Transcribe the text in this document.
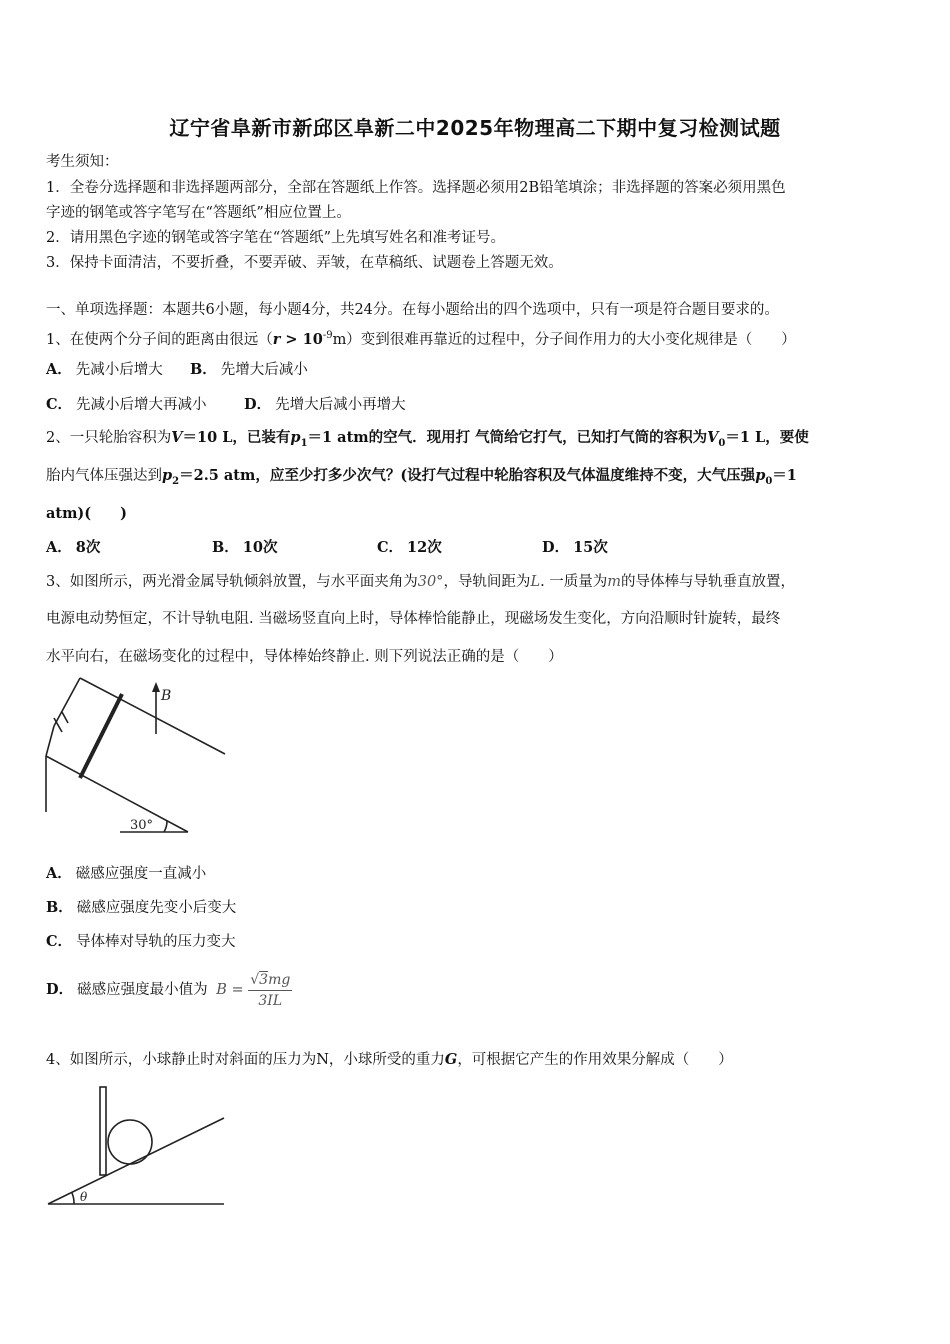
辽宁省阜新市新邱区阜新二中2025年物理高二下期中复习检测试题
考生须知：
1．全卷分选择题和非选择题两部分，全部在答题纸上作答。选择题必须用2B铅笔填涂；非选择题的答案必须用黑色
字迹的钢笔或答字笔写在“答题纸”相应位置上。
2．请用黑色字迹的钢笔或答字笔在“答题纸”上先填写姓名和准考证号。
3．保持卡面清洁，不要折叠，不要弄破、弄皱，在草稿纸、试题卷上答题无效。
一、单项选择题：本题共6小题，每小题4分，共24分。在每小题给出的四个选项中，只有一项是符合题目要求的。
1、在使两个分子间的距离由很远$(r > 10^{-9}m)$变到很难再靠近的过程中，分子间作用力的大小变化规律是（　　）
A． 先减小后增大 B． 先增大后减小
C． 先减小后增大再减小	D． 先增大后减小再增大
2、一只轮胎容积为V＝10 L，已装有$p_1=1$ atm的空气．现用打 气筒给它打气，已知打气筒的容积为$V_0=1$ L，要使
胎内气体压强达到$p_2=2.5$ atm，应至少打多少次气？(设打气过程中轮胎容积及气体温度维持不变，大气压强$p_0=1$
atm)(　　)
A． 8次	B． 10次	C． 12次	D． 15次
3、如图所示，两光滑金属导轨倾斜放置，与水平面夹角为30°，导轨间距为L. 一质量为m的导体棒与导轨垂直放置，
电源电动势恒定，不计导轨电阻. 当磁场竖直向上时，导体棒恰能静止，现磁场发生变化，方向沿顺时针旋转，最终
水平向右，在磁场变化的过程中，导体棒始终静止. 则下列说法正确的是（　　）
B
30°
A． 磁感应强度一直减小
B． 磁感应强度先变小后变大
C． 导体棒对导轨的压力变大
D． 磁感应强度最小值为 $B = \frac{√3mg}{3IL}$
4、如图所示，小球静止时对斜面的压力为N，小球所受的重力G，可根据它产生的作用效果分解成（　　）
θ
